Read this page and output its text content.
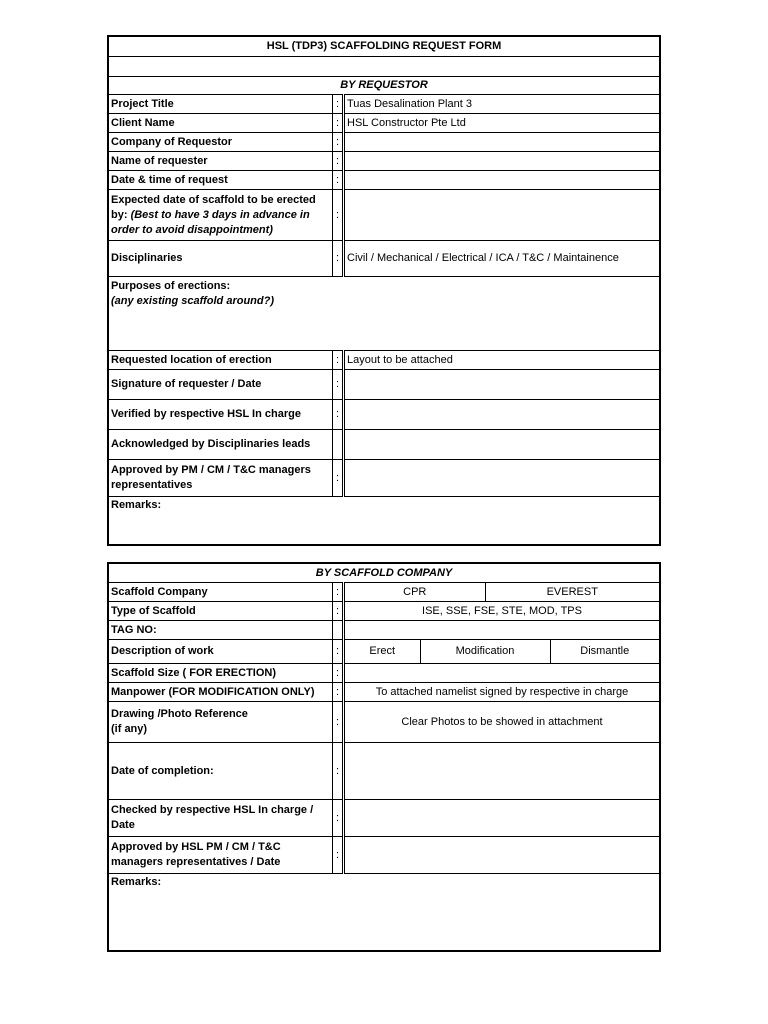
HSL (TDP3) SCAFFOLDING REQUEST FORM		

BY REQUESTOR		
Project Title	:	Tuas Desalination Plant 3
Client Name	:	HSL Constructor Pte Ltd
Company of Requestor	:	
Name of requester	:	
Date & time of request	:	
Expected date of scaffold to be erected
by: (Best to have 3 days in advance in order to avoid disappointment)	:	
Disciplinaries	:	Civil / Mechanical / Electrical / ICA / T&C / Maintainence
Purposes of erections:
(any existing scaffold around?)		
Requested location of erection	:	Layout to be attached
Signature of requester / Date	:	
Verified by respective HSL In charge	:	
Acknowledged by Disciplinaries leads		
Approved by PM / CM / T&C managers representatives	:	
Remarks:		
BY SCAFFOLD COMPANY
Scaffold Company	:		CPR	EVEREST

Type of Scaffold	:	ISE, SSE, FSE, STE, MOD, TPS
TAG NO:		
Description of work	:		Erect	Modification	Dismantle

Scaffold Size ( FOR ERECTION)	:	
Manpower (FOR MODIFICATION ONLY)	:	To attached namelist signed by respective in charge
Drawing /Photo Reference
(if any)	:	Clear Photos to be showed in attachment
Date of completion:	:	
Checked by respective HSL In charge / Date	:	
Approved by HSL PM / CM / T&C managers representatives / Date	:	
Remarks:
